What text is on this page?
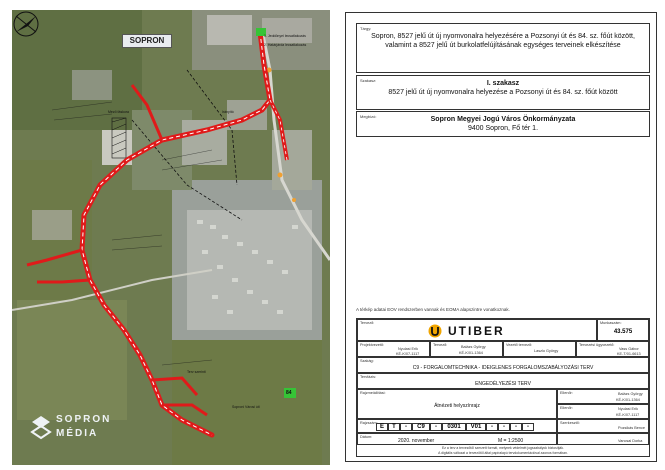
SOPRON	1. Jeddönyei lecsatlakozás
2. Határjárda lecsatlakozás
Soproni Városi úti
Irányító
Terv szerinti
Mező fáskora
84
SOPRON
MÉDIA
Tárgy:
Sopron, 8527 jelű út új nyomvonalra helyezésére a Pozsonyi út és 84. sz. főút között, valamint a 8527 jelű út burkolatfelújításának egységes terveinek elkészítése
Szakasz:	I. szakasz
8527 jelű út új nyomvonalra helyezése a Pozsonyi út és 84. sz. főút között
Megbízó:	Sopron Megyei Jogú Város Önkormányzata
9400 Sopron, Fő tér 1.
A térkép adatai EOV rendszerben vannak és EOMA alapszintre vonatkoznak.
Tervező:
UTIBER
Munkaszám:
43.575
Projektvezető:
Nyulasi Erik
KÉ-K/07-1117
Tervező:	Balázs György
KÉ-K/01-1364
Vezető tervező:
Laszlo György
Tervezési ügyvezető:
Vass Gábor
KE-T/01-6613
Szakág:
C9 - FORGALOMTECHNIKA - IDEIGLENES FORGALOMSZABÁLYOZÁSI TERV
Tervfázis:
ENGEDÉLYEZÉSI TERV
Rajzmeiállítási:
Átnézeti helyszínrajz
Ellenőr:	Balázs György
KÉ-K/01-1364
Ellenőr:	Nyulasi Erik
KÉ-K/07-1117
Rajzszám:
E	T	-	C9	-	0301	V01	-	-	-	-
Szerkesztő:
Pozsikás Bence
Dátum:
2020. november	M = 1:2500	Vancsai Dorka
Ez a terv a tervezőtől szerzett formát, melynek védelmét jogszabályok biztosítják.
A digitális változat a tervezőtől által papíralapú tervdokumentációval azonos formában.
